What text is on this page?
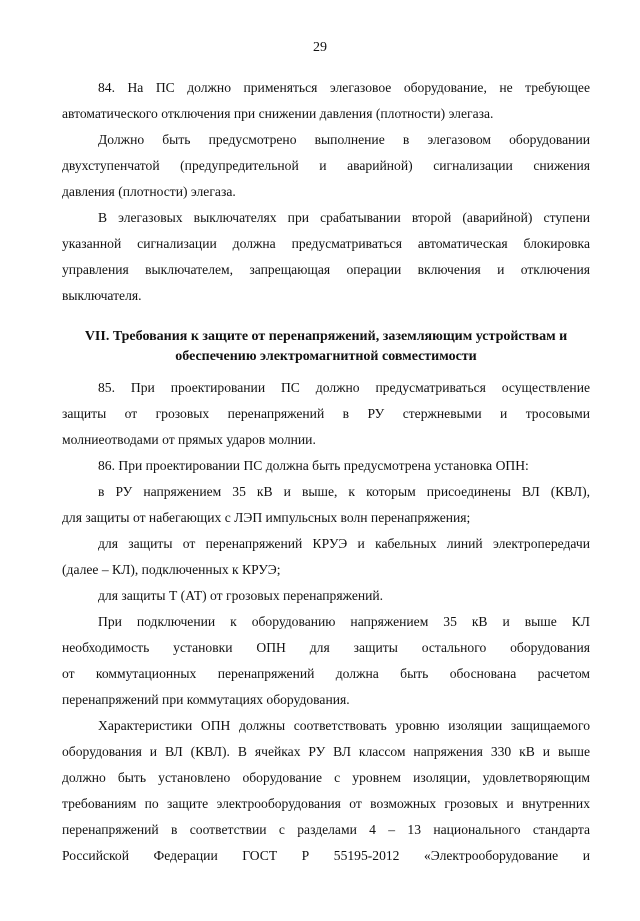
29
84. На ПС должно применяться элегазовое оборудование, не требующее
автоматического отключения при снижении давления (плотности) элегаза.
Должно быть предусмотрено выполнение в элегазовом оборудовании
двухступенчатой (предупредительной и аварийной) сигнализации снижения
давления (плотности) элегаза.
В элегазовых выключателях при срабатывании второй (аварийной) ступени
указанной сигнализации должна предусматриваться автоматическая блокировка
управления выключателем, запрещающая операции включения и отключения
выключателя.
VII. Требования к защите от перенапряжений, заземляющим устройствам и
обеспечению электромагнитной совместимости
85. При проектировании ПС должно предусматриваться осуществление
защиты от грозовых перенапряжений в РУ стержневыми и тросовыми
молниеотводами от прямых ударов молнии.
86. При проектировании ПС должна быть предусмотрена установка ОПН:
в РУ напряжением 35 кВ и выше, к которым присоединены ВЛ (КВЛ),
для защиты от набегающих с ЛЭП импульсных волн перенапряжения;
для защиты от перенапряжений КРУЭ и кабельных линий электропередачи
(далее – КЛ), подключенных к КРУЭ;
для защиты Т (АТ) от грозовых перенапряжений.
При подключении к оборудованию напряжением 35 кВ и выше КЛ
необходимость установки ОПН для защиты остального оборудования
от коммутационных перенапряжений должна быть обоснована расчетом
перенапряжений при коммутациях оборудования.
Характеристики ОПН должны соответствовать уровню изоляции защищаемого
оборудования и ВЛ (КВЛ). В ячейках РУ ВЛ классом напряжения 330 кВ и выше
должно быть установлено оборудование с уровнем изоляции, удовлетворяющим
требованиям по защите электрооборудования от возможных грозовых и внутренних
перенапряжений в соответствии с разделами 4 – 13 национального стандарта
Российской Федерации ГОСТ Р 55195-2012 «Электрооборудование и
